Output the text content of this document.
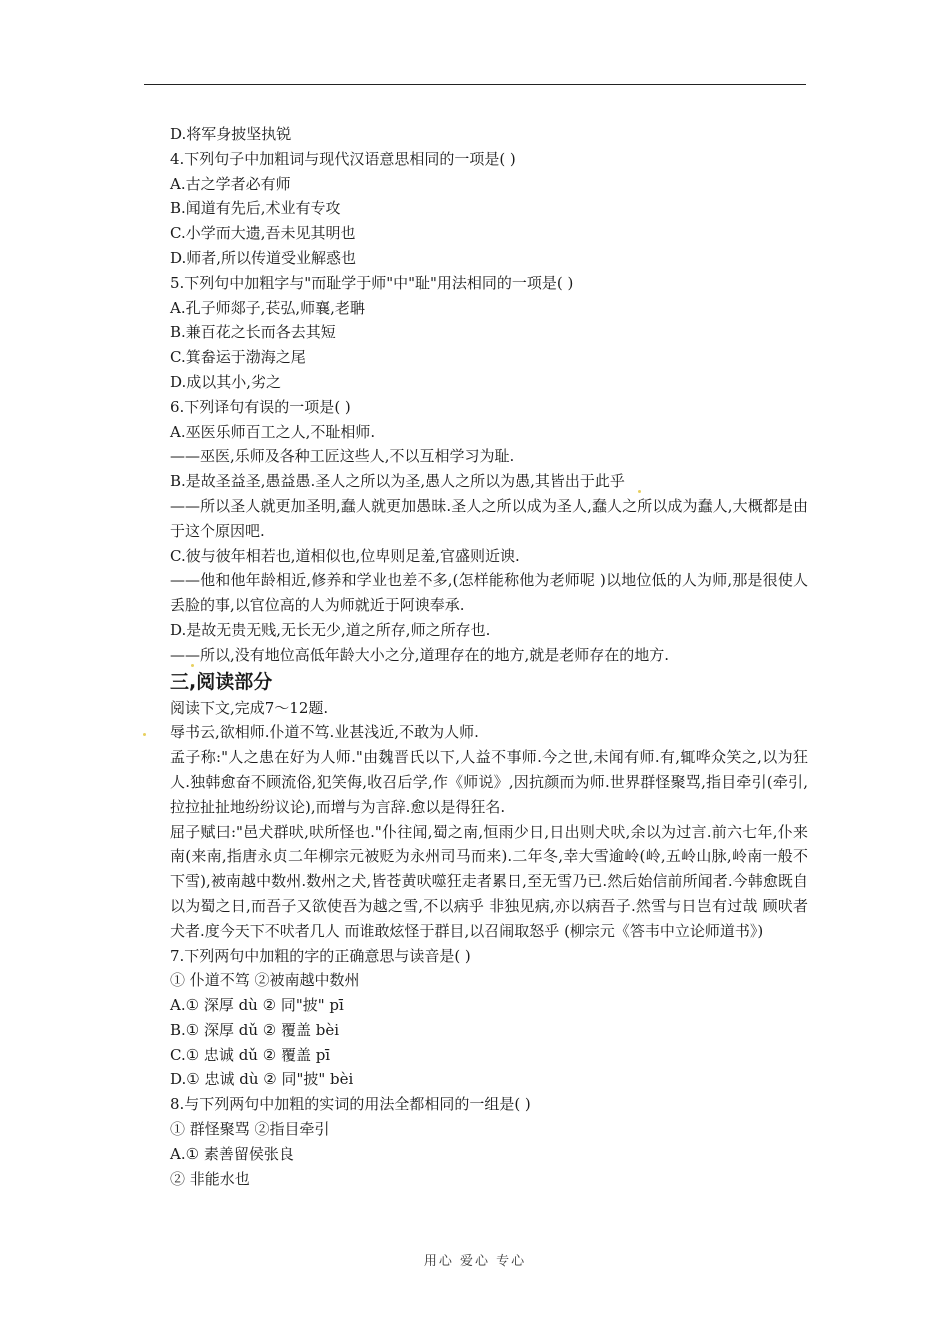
D.将军身披坚执锐
4.下列句子中加粗词与现代汉语意思相同的一项是( )
A.古之学者必有师
B.闻道有先后,术业有专攻
C.小学而大遗,吾未见其明也
D.师者,所以传道受业解惑也
5.下列句中加粗字与"而耻学于师"中"耻"用法相同的一项是( )
A.孔子师郯子,苌弘,师襄,老聃
B.兼百花之长而各去其短
C.箕畚运于渤海之尾
D.成以其小,劣之
6.下列译句有误的一项是( )
A.巫医乐师百工之人,不耻相师.
——巫医,乐师及各种工匠这些人,不以互相学习为耻.
B.是故圣益圣,愚益愚.圣人之所以为圣,愚人之所以为愚,其皆出于此乎
——所以圣人就更加圣明,蠢人就更加愚昧.圣人之所以成为圣人,蠢人之所以成为蠢人,大概都是由于这个原因吧.
C.彼与彼年相若也,道相似也,位卑则足羞,官盛则近谀.
——他和他年龄相近,修养和学业也差不多,(怎样能称他为老师呢 )以地位低的人为师,那是很使人丢脸的事,以官位高的人为师就近于阿谀奉承.
D.是故无贵无贱,无长无少,道之所存,师之所存也.
——所以,没有地位高低年龄大小之分,道理存在的地方,就是老师存在的地方.
三,阅读部分
阅读下文,完成7～12题.
辱书云,欲相师.仆道不笃.业甚浅近,不敢为人师.
孟子称:"人之患在好为人师."由魏晋氏以下,人益不事师.今之世,未闻有师.有,辄哗众笑之,以为狂人.独韩愈奋不顾流俗,犯笑侮,收召后学,作《师说》,因抗颜而为师.世界群怪聚骂,指目牵引(牵引,拉拉扯扯地纷纷议论),而增与为言辞.愈以是得狂名.
屈子赋曰:"邑犬群吠,吠所怪也."仆往闻,蜀之南,恒雨少日,日出则犬吠,余以为过言.前六七年,仆来南(来南,指唐永贞二年柳宗元被贬为永州司马而来).二年冬,幸大雪逾岭(岭,五岭山脉,岭南一般不下雪),被南越中数州.数州之犬,皆苍黄吠噬狂走者累日,至无雪乃已.然后始信前所闻者.今韩愈既自以为蜀之日,而吾子又欲使吾为越之雪,不以病乎 非独见病,亦以病吾子.然雪与日岂有过哉 顾吠者犬者.度今天下不吠者几人 而谁敢炫怪于群目,以召闹取怒乎 (柳宗元《答韦中立论师道书》)
7.下列两句中加粗的字的正确意思与读音是( )
① 仆道不笃 ②被南越中数州
A.① 深厚 dù ② 同"披" pī
B.① 深厚 dǔ ② 覆盖 bèi
C.① 忠诚 dǔ ② 覆盖 pī
D.① 忠诚 dù ② 同"披" bèi
8.与下列两句中加粗的实词的用法全都相同的一组是( )
① 群怪聚骂 ②指目牵引
A.① 素善留侯张良
② 非能水也
用心 爱心 专心
